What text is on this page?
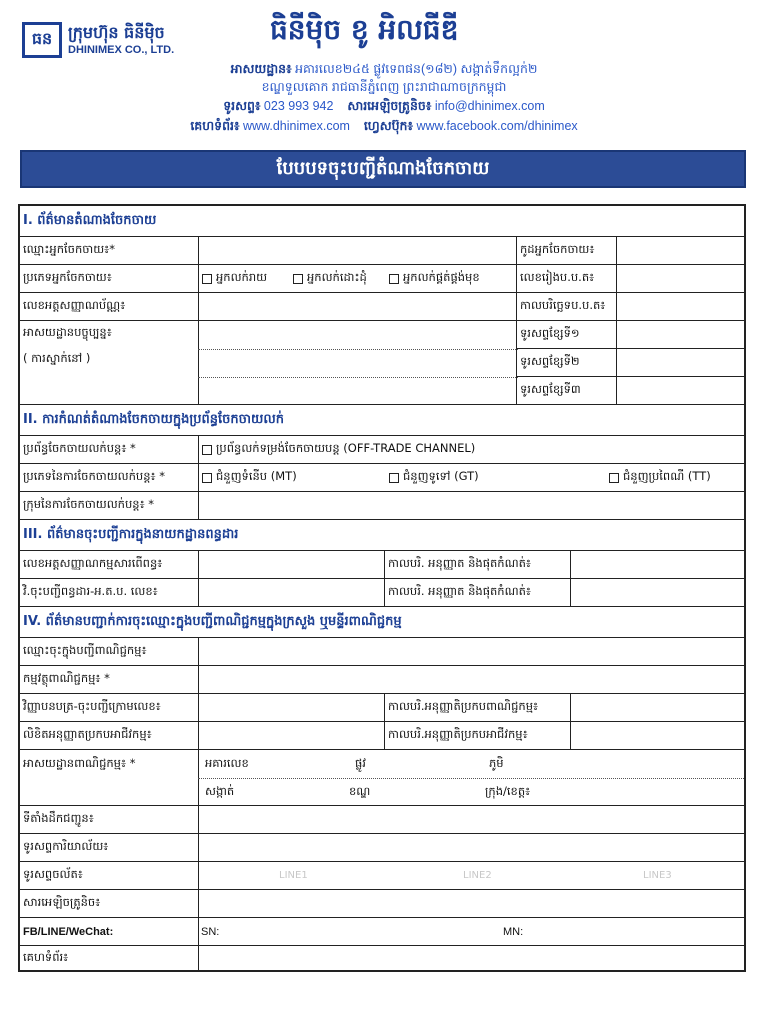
ធន ក្រុមហ៊ុន ធិនីម៉ិច
DHINIMEX CO., LTD.
ធិនីម៉ិច ខូ អិលធីឌី
អាសយដ្ឋាន៖ អគារលេខ២៤៥ ផ្លូវទេពផន(១៨២) សង្កាត់ទឹកល្អក់២
ខណ្ឌទួលគោក រាជធានីភ្នំពេញ ព្រះរាជាណាចក្រកម្ពុជា
ទូរសព្ទ៖ 023 993 942 សារអេឡិចត្រូនិច៖ info@dhinimex.com
គេហទំព័រ៖ www.dhinimex.com ហ្វេសប៊ុក៖ www.facebook.com/dhinimex
បែបបទចុះបញ្ជីតំណាងចែកចាយ
I. ព័ត៌មានតំណាងចែកចាយ
ឈ្មោះអ្នកចែកចាយ៖*	កូដអ្នកចែកចាយ៖
ប្រភេទអ្នកចែកចាយ៖	អ្នកលក់រាយ	អ្នកលក់ដោះដុំ	អ្នកលក់ផ្គត់ផ្គង់មុខ	លេខរៀងប.ប.ត៖
លេខអត្តសញ្ញាណប័ណ្ណ៖	កាលបរិច្ឆេទប.ប.ត៖
អាសយដ្ឋានបច្ចុប្បន្ន៖
( ការស្នាក់នៅ )
ទូរសព្ទខ្សែទី១
ទូរសព្ទខ្សែទី២
ទូរសព្ទខ្សែទី៣
II. ការកំណត់តំណាងចែកចាយក្នុងប្រព័ន្ធចែកចាយលក់
ប្រព័ន្ធចែកចាយលក់បន្ត៖ *	ប្រព័ន្ធលក់ទម្រង់ចែកចាយបន្ត (OFF-TRADE CHANNEL)
ប្រភេទនៃការចែកចាយលក់បន្ត៖ *	ជំនួញទំនើប (MT)	ជំនួញទូទៅ (GT)	ជំនួញប្រពៃណី (TT)
ក្រុមនៃការចែកចាយលក់បន្ត៖ *
III. ព័ត៌មានចុះបញ្ជីការក្នុងនាយកដ្ឋានពន្ធដារ
លេខអត្តសញ្ញាណកម្មសារពើពន្ធ៖	កាលបរិ. អនុញ្ញាត និងផុតកំណត់៖
វិ.ចុះបញ្ជីពន្ធដារ-អ.ត.ប. លេខ៖	កាលបរិ. អនុញ្ញាត និងផុតកំណត់៖
IV. ព័ត៌មានបញ្ជាក់ការចុះឈ្មោះក្នុងបញ្ជីពាណិជ្ជកម្មក្នុងក្រសួង ឬមន្ទីរពាណិជ្ជកម្ម
ឈ្មោះចុះក្នុងបញ្ជីពាណិជ្ជកម្ម៖
កម្មវត្ថុពាណិជ្ជកម្ម៖ *
វិញ្ញាបនបត្រ-ចុះបញ្ជីក្រោមលេខ៖	កាលបរិ.អនុញ្ញាតិប្រកបពាណិជ្ជកម្ម៖
លិខិតអនុញ្ញាតប្រកបអាជីវកម្ម៖	កាលបរិ.អនុញ្ញាតិប្រកបអាជីវកម្ម៖
អាសយដ្ឋានពាណិជ្ជកម្ម៖ *	អគារលេខ	ផ្លូវ	ភូមិ
សង្កាត់	ខណ្ឌ	ក្រុង/ខេត្ត៖
ទីតាំងដឹកជញ្ជូន៖
ទូរសព្ទការិយាល័យ៖
ទូរសព្ទចល័ត៖	LINE1	LINE2	LINE3
សារអេឡិចត្រូនិច៖
FB/LINE/WeChat:	SN:	MN:
គេហទំព័រ៖
